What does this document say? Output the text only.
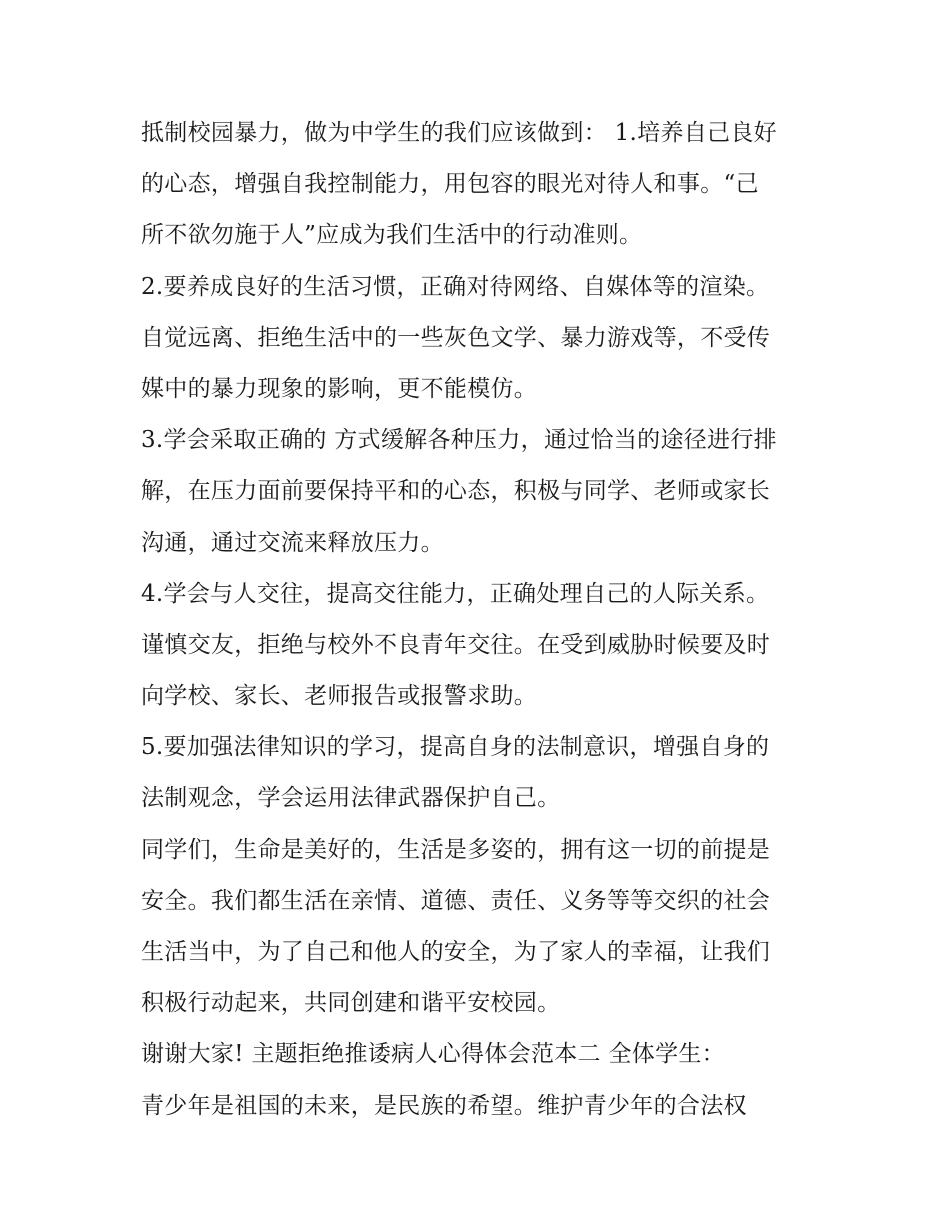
抵制校园暴力，做为中学生的我们应该做到： 1.培养自己良好
的心态，增强自我控制能力，用包容的眼光对待人和事。“己
所不欲勿施于人”应成为我们生活中的行动准则。
2.要养成良好的生活习惯，正确对待网络、自媒体等的渲染。
自觉远离、拒绝生活中的一些灰色文学、暴力游戏等，不受传
媒中的暴力现象的影响，更不能模仿。
3.学会采取正确的 方式缓解各种压力，通过恰当的途径进行排
解，在压力面前要保持平和的心态，积极与同学、老师或家长
沟通，通过交流来释放压力。
4.学会与人交往，提高交往能力，正确处理自己的人际关系。
谨慎交友，拒绝与校外不良青年交往。在受到威胁时候要及时
向学校、家长、老师报告或报警求助。
5.要加强法律知识的学习，提高自身的法制意识，增强自身的
法制观念，学会运用法律武器保护自己。
同学们，生命是美好的，生活是多姿的，拥有这一切的前提是
安全。我们都生活在亲情、道德、责任、义务等等交织的社会
生活当中，为了自己和他人的安全，为了家人的幸福，让我们
积极行动起来，共同创建和谐平安校园。
谢谢大家! 主题拒绝推诿病人心得体会范本二 全体学生：
青少年是祖国的未来，是民族的希望。维护青少年的合法权
